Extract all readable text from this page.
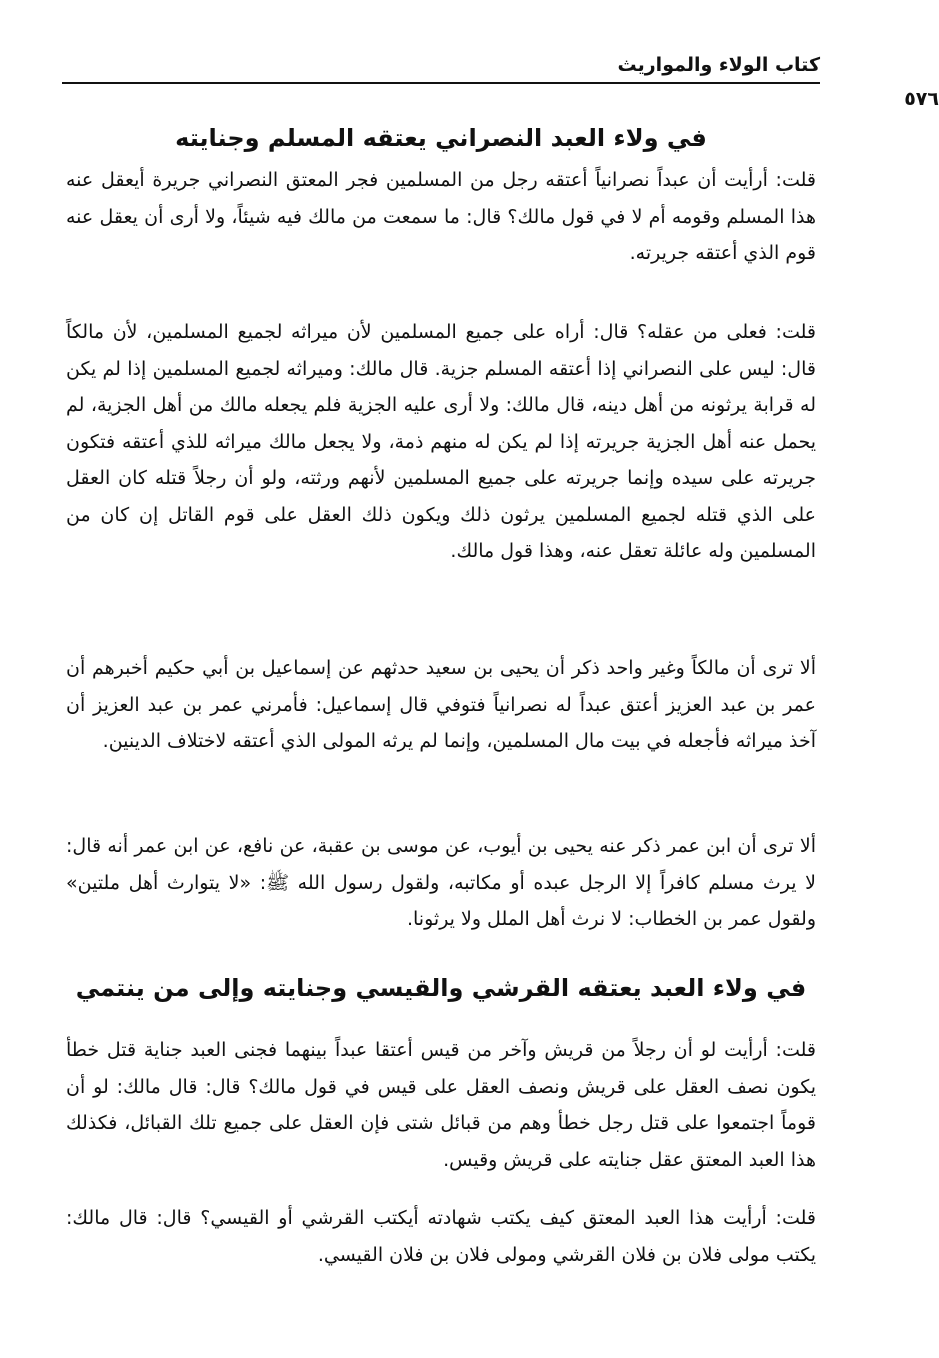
كتاب الولاء والمواريث
٥٧٦
في ولاء العبد النصراني يعتقه المسلم وجنايته

قلت: أرأيت أن عبداً نصرانياً أعتقه رجل من المسلمين فجر المعتق النصراني جريرة أيعقل عنه هذا المسلم وقومه أم لا في قول مالك؟ قال: ما سمعت من مالك فيه شيئاً، ولا أرى أن يعقل عنه قوم الذي أعتقه جريرته.

قلت: فعلى من عقله؟ قال: أراه على جميع المسلمين لأن ميراثه لجميع المسلمين، لأن مالكاً قال: ليس على النصراني إذا أعتقه المسلم جزية. قال مالك: وميراثه لجميع المسلمين إذا لم يكن له قرابة يرثونه من أهل دينه، قال مالك: ولا أرى عليه الجزية فلم يجعله مالك من أهل الجزية، لم يحمل عنه أهل الجزية جريرته إذا لم يكن له منهم ذمة، ولا يجعل مالك ميراثه للذي أعتقه فتكون جريرته على سيده وإنما جريرته على جميع المسلمين لأنهم ورثته، ولو أن رجلاً قتله كان العقل على الذي قتله لجميع المسلمين يرثون ذلك ويكون ذلك العقل على قوم القاتل إن كان من المسلمين وله عائلة تعقل عنه، وهذا قول مالك.

ألا ترى أن مالكاً وغير واحد ذكر أن يحيى بن سعيد حدثهم عن إسماعيل بن أبي حكيم أخبرهم أن عمر بن عبد العزيز أعتق عبداً له نصرانياً فتوفي قال إسماعيل: فأمرني عمر بن عبد العزيز أن آخذ ميراثه فأجعله في بيت مال المسلمين، وإنما لم يرثه المولى الذي أعتقه لاختلاف الدينين.

ألا ترى أن ابن عمر ذكر عنه يحيى بن أيوب، عن موسى بن عقبة، عن نافع، عن ابن عمر أنه قال: لا يرث مسلم كافراً إلا الرجل عبده أو مكاتبه، ولقول رسول الله ﷺ: «لا يتوارث أهل ملتين» ولقول عمر بن الخطاب: لا نرث أهل الملل ولا يرثونا.

في ولاء العبد يعتقه القرشي والقيسي وجنايته وإلى من ينتمي

قلت: أرأيت لو أن رجلاً من قريش وآخر من قيس أعتقا عبداً بينهما فجنى العبد جناية قتل خطأ يكون نصف العقل على قريش ونصف العقل على قيس في قول مالك؟ قال: قال مالك: لو أن قوماً اجتمعوا على قتل رجل خطأ وهم من قبائل شتى فإن العقل على جميع تلك القبائل، فكذلك هذا العبد المعتق عقل جنايته على قريش وقيس.

قلت: أرأيت هذا العبد المعتق كيف يكتب شهادته أيكتب القرشي أو القيسي؟ قال: قال مالك: يكتب مولى فلان بن فلان القرشي ومولى فلان بن فلان القيسي.
